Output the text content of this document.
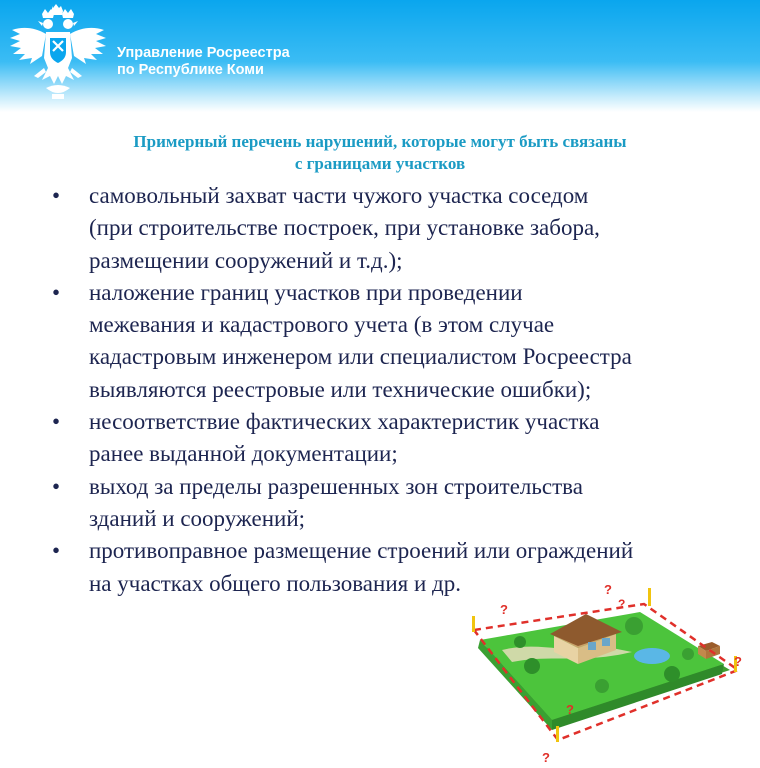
Управление Росреестра
по Республике Коми
Примерный перечень нарушений, которые могут быть связаны
с границами участков
• самовольный захват части чужого участка соседом
(при строительстве построек, при установке забора,
размещении сооружений и т.д.);
• наложение границ участков при проведении
межевания и кадастрового учета (в этом случае
кадастровым инженером или специалистом Росреестра
выявляются реестровые или технические ошибки);
• несоответствие фактических характеристик участка
ранее выданной документации;
• выход за пределы разрешенных зон строительства
зданий и сооружений;
• противоправное размещение строений или ограждений
на участках общего пользования и др.
?
?
?
?
?
?
